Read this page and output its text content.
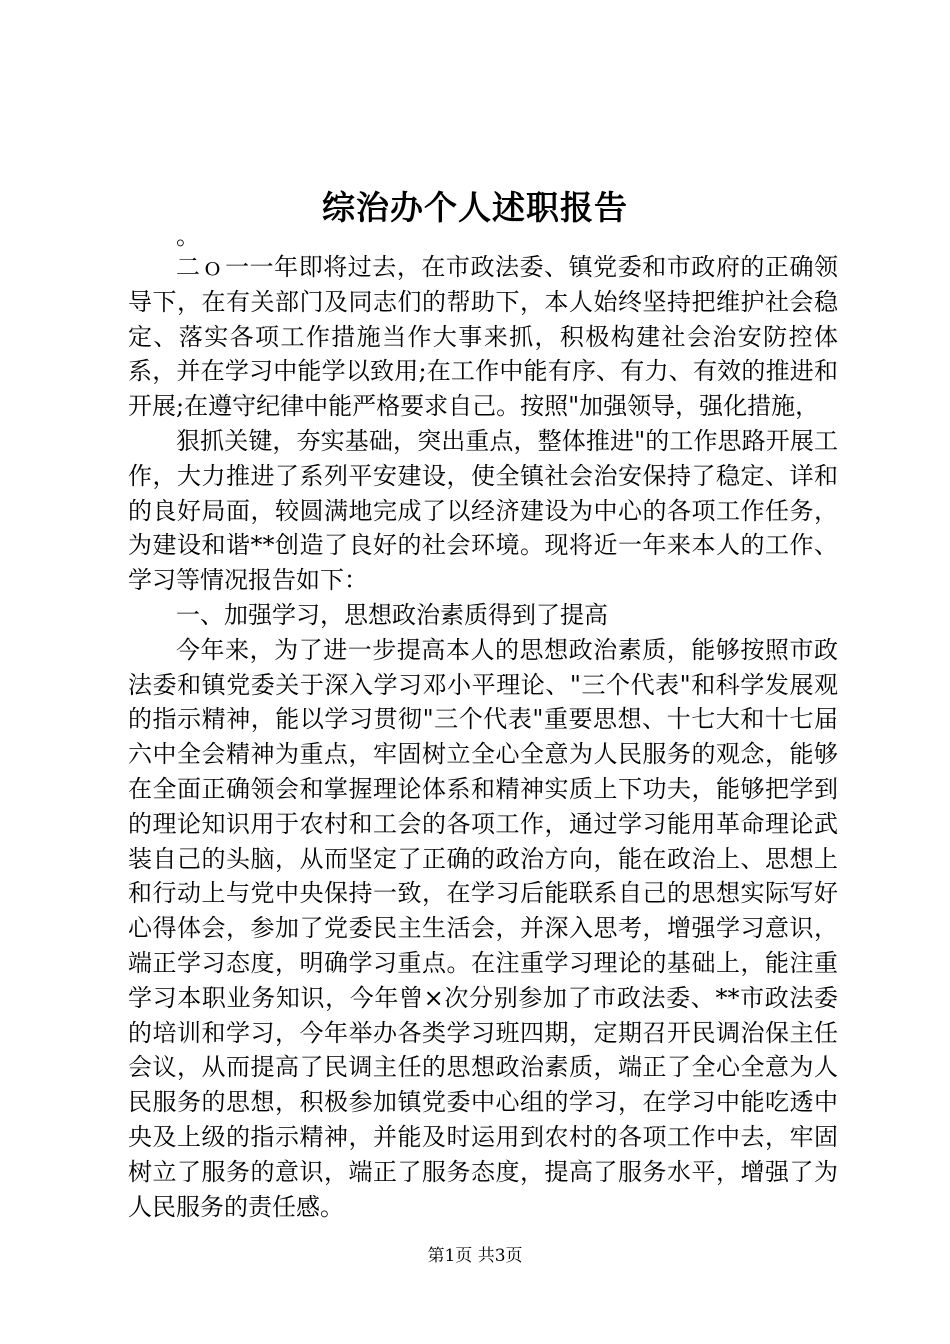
综治办个人述职报告

。

二ｏ一一年即将过去，在市政法委、镇党委和市政府的正确领导下，在有关部门及同志们的帮助下，本人始终坚持把维护社会稳定、落实各项工作措施当作大事来抓，积极构建社会治安防控体系，并在学习中能学以致用;在工作中能有序、有力、有效的推进和开展;在遵守纪律中能严格要求自己。按照"加强领导，强化措施，

狠抓关键，夯实基础，突出重点，整体推进"的工作思路开展工作，大力推进了系列平安建设，使全镇社会治安保持了稳定、详和的良好局面，较圆满地完成了以经济建设为中心的各项工作任务，为建设和谐**创造了良好的社会环境。现将近一年来本人的工作、学习等情况报告如下：

一、加强学习，思想政治素质得到了提高

今年来，为了进一步提高本人的思想政治素质，能够按照市政法委和镇党委关于深入学习邓小平理论、"三个代表"和科学发展观的指示精神，能以学习贯彻"三个代表"重要思想、十七大和十七届六中全会精神为重点，牢固树立全心全意为人民服务的观念，能够在全面正确领会和掌握理论体系和精神实质上下功夫，能够把学到的理论知识用于农村和工会的各项工作，通过学习能用革命理论武装自己的头脑，从而坚定了正确的政治方向，能在政治上、思想上和行动上与党中央保持一致，在学习后能联系自己的思想实际写好心得体会，参加了党委民主生活会，并深入思考，增强学习意识，端正学习态度，明确学习重点。在注重学习理论的基础上，能注重学习本职业务知识，今年曾×次分别参加了市政法委、**市政法委的培训和学习，今年举办各类学习班四期，定期召开民调治保主任会议，从而提高了民调主任的思想政治素质，端正了全心全意为人民服务的思想，积极参加镇党委中心组的学习，在学习中能吃透中央及上级的指示精神，并能及时运用到农村的各项工作中去，牢固树立了服务的意识，端正了服务态度，提高了服务水平，增强了为人民服务的责任感。

第1页 共3页
